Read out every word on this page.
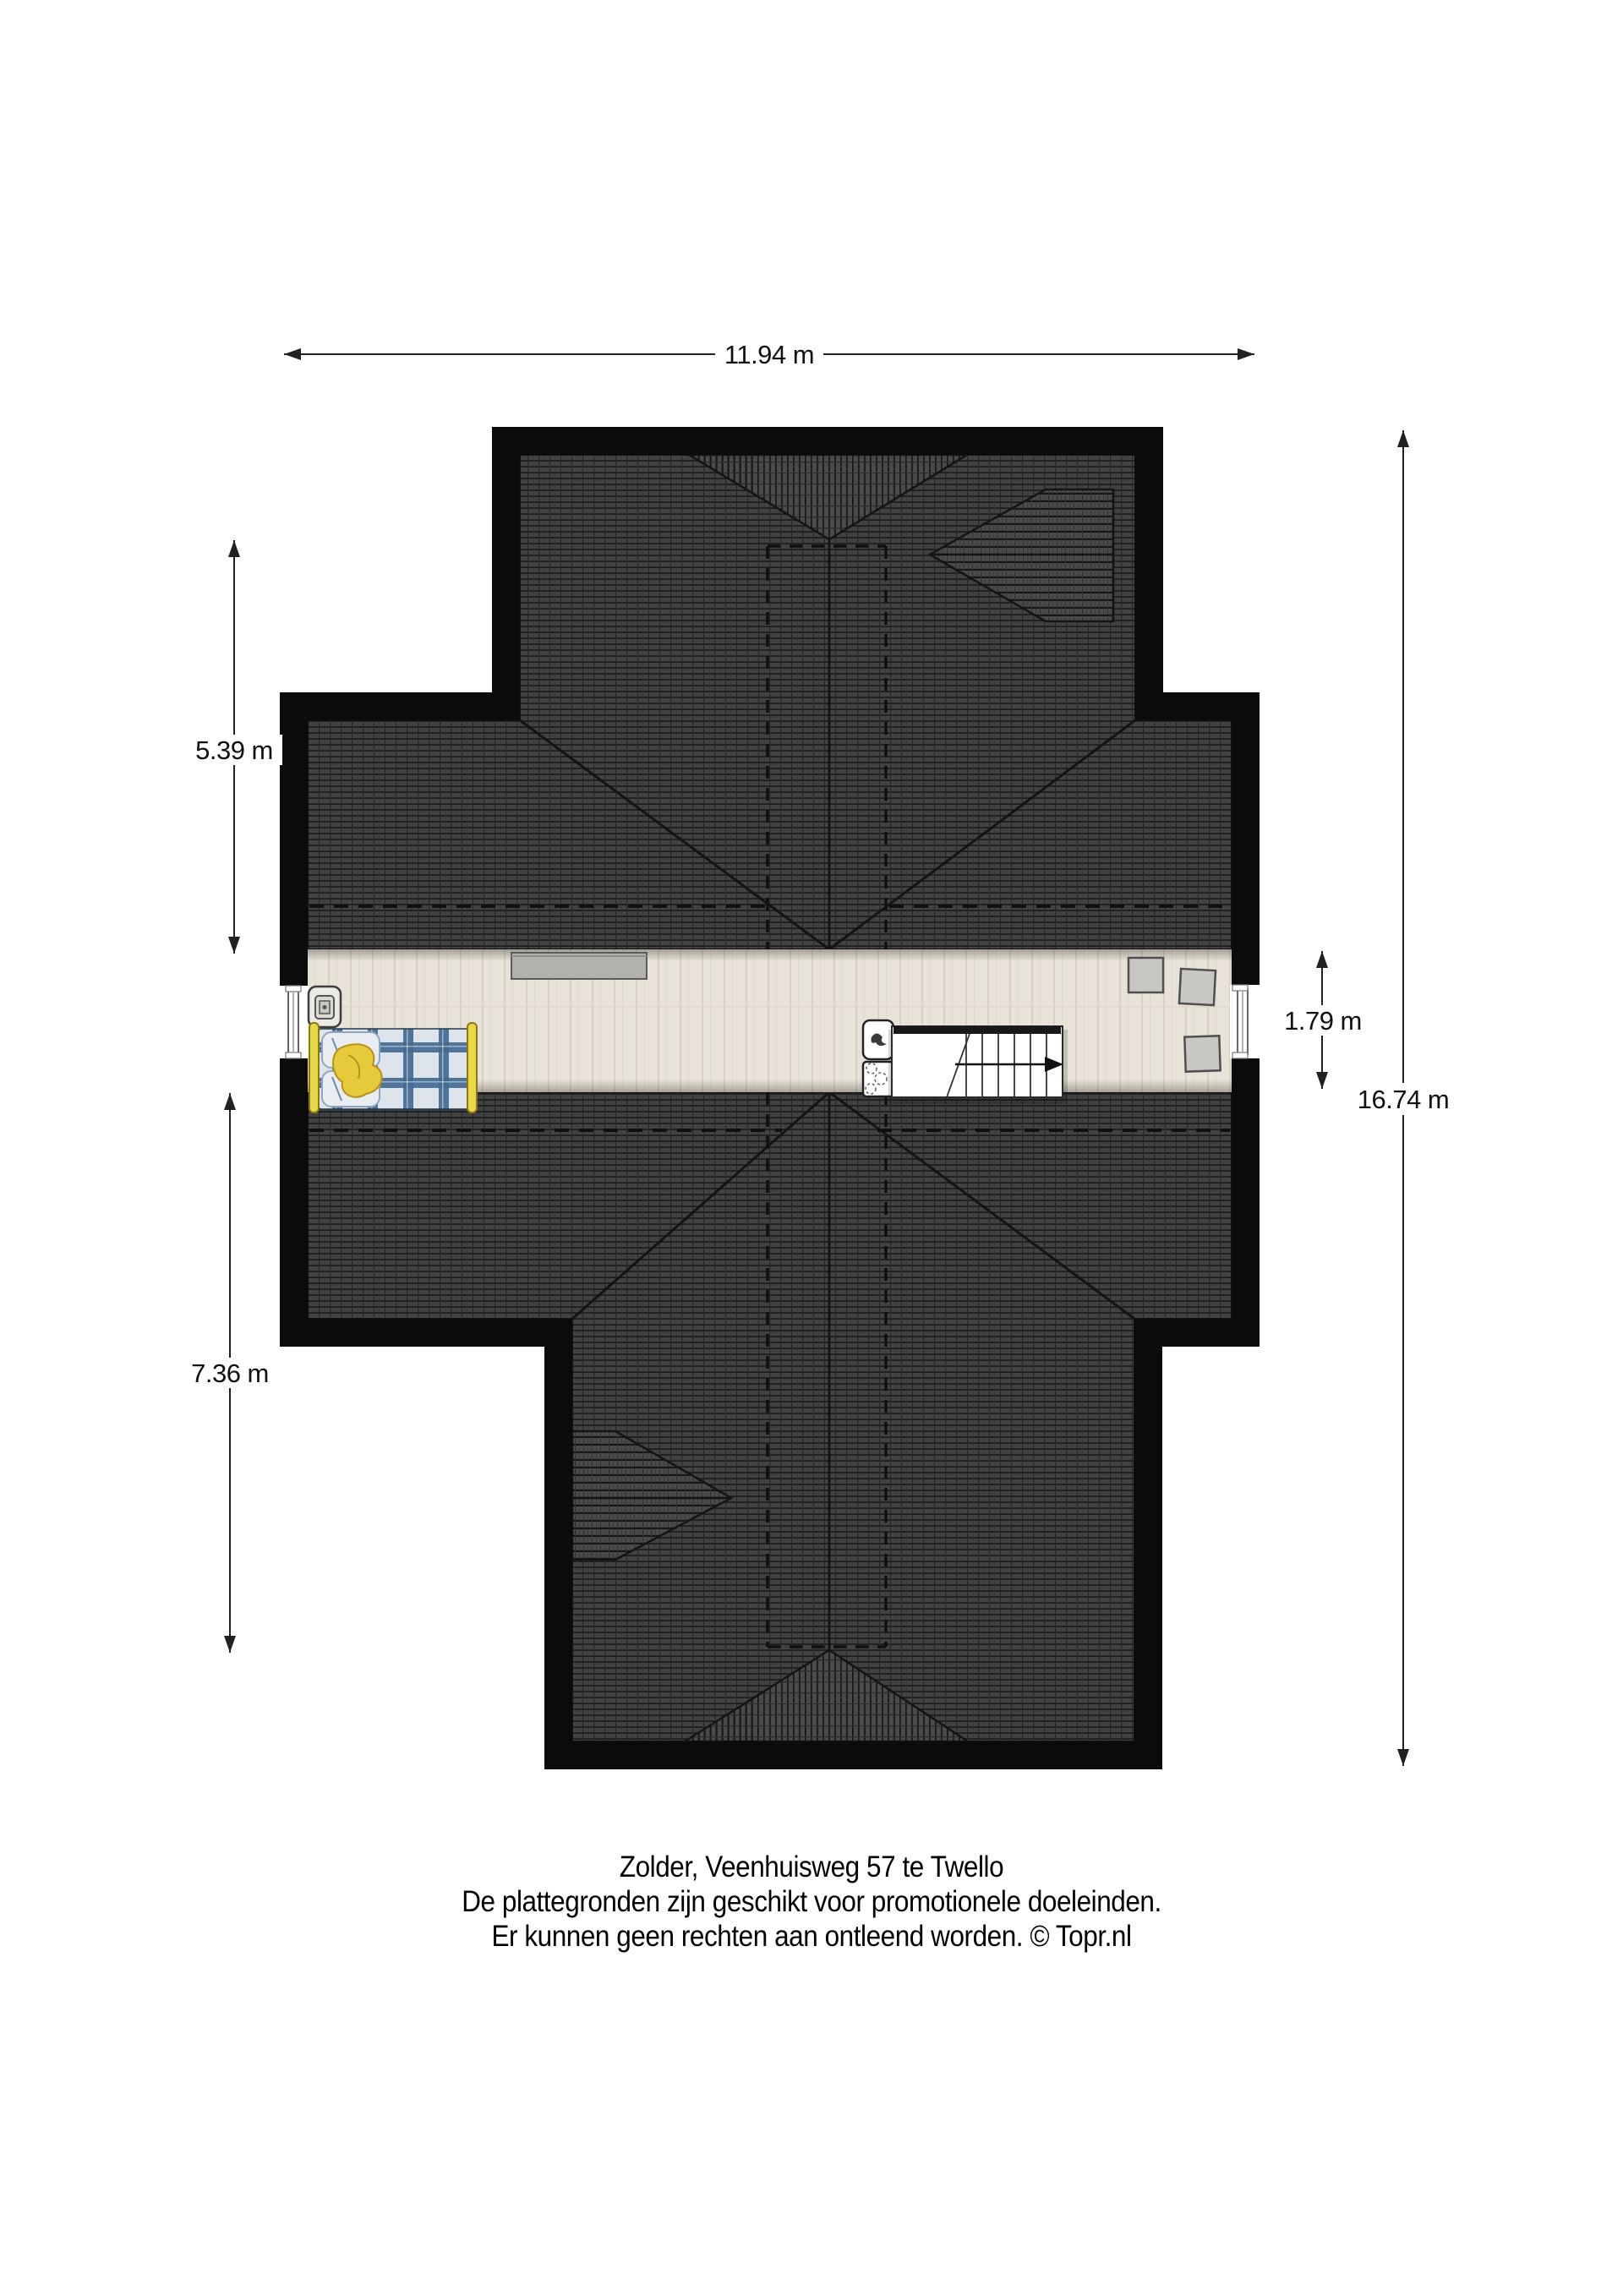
11.94 m
16.74 m
1.79 m
5.39 m
7.36 m
Zolder, Veenhuisweg 57 te Twello
De plattegronden zijn geschikt voor promotionele doeleinden.
Er kunnen geen rechten aan ontleend worden. © Topr.nl
